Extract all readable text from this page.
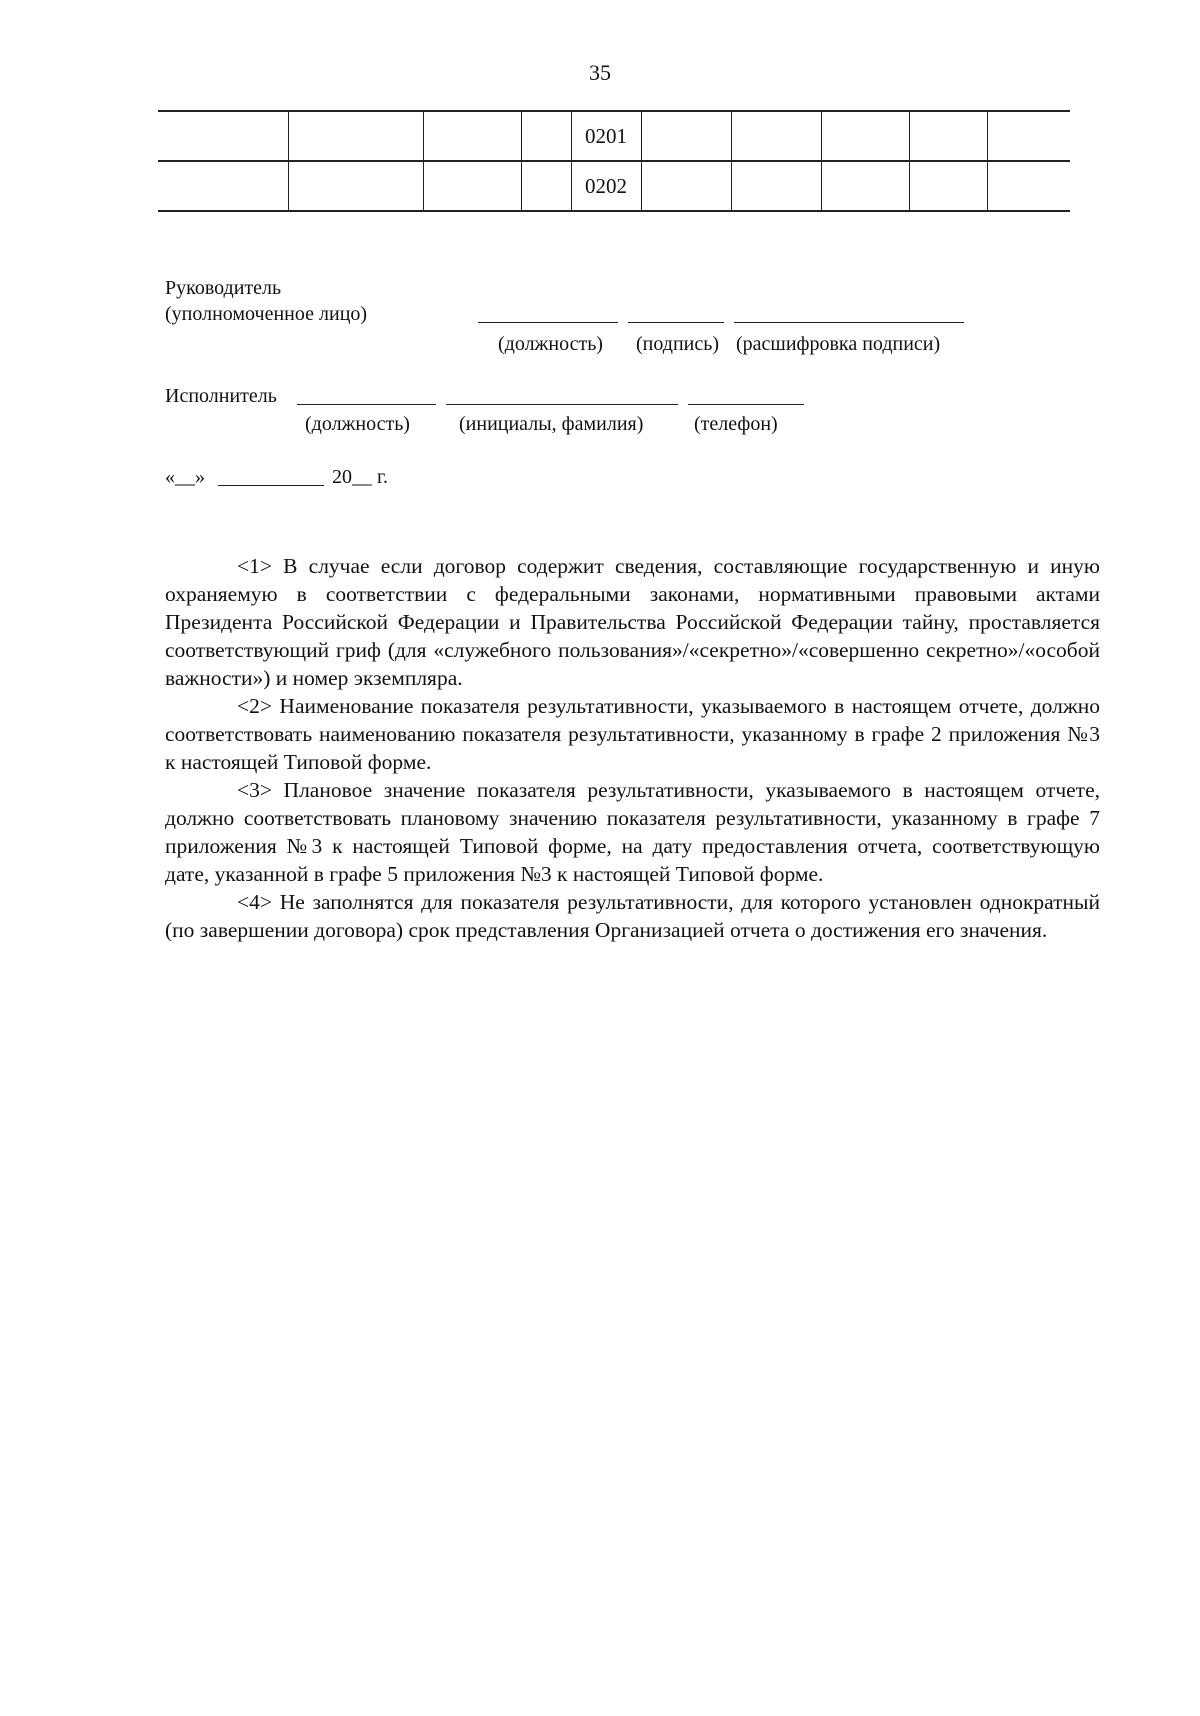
35
				0201					
				0202					
Руководитель
(уполномоченное лицо)
(должность) (подпись) (расшифровка подписи)
Исполнитель
(должность) (инициалы, фамилия)	(телефон)
«__»	20__ г.

<1> В случае если договор содержит сведения, составляющие государственную и иную охраняемую в соответствии с федеральными законами, нормативными правовыми актами Президента Российской Федерации и Правительства Российской Федерации тайну, проставляется соответствующий гриф (для «служебного пользования»/«секретно»/«совершенно секретно»/«особой важности») и номер экземпляра.

<2> Наименование показателя результативности, указываемого в настоящем отчете, должно соответствовать наименованию показателя результативности, указанному в графе 2 приложения №3 к настоящей Типовой форме.

<3> Плановое значение показателя результативности, указываемого в настоящем отчете, должно соответствовать плановому значению показателя результативности, указанному в графе 7 приложения №3 к настоящей Типовой форме, на дату предоставления отчета, соответствующую дате, указанной в графе 5 приложения №3 к настоящей Типовой форме.

<4> Не заполнятся для показателя результативности, для которого установлен однократный (по завершении договора) срок представления Организацией отчета о достижения его значения.
